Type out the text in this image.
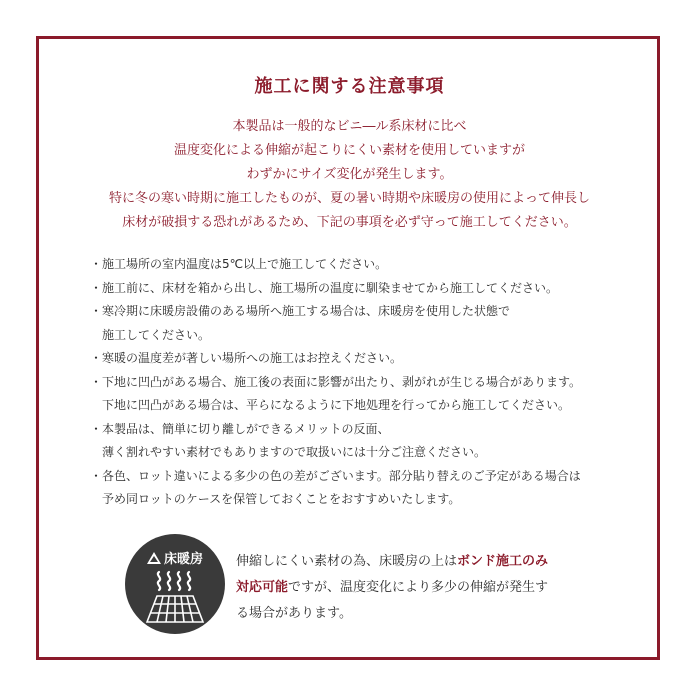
施工に関する注意事項
本製品は一般的なビニ―ル系床材に比べ
温度変化による伸縮が起こりにくい素材を使用していますが
わずかにサイズ変化が発生します。
特に冬の寒い時期に施工したものが、夏の暑い時期や床暖房の使用によって伸長し
床材が破損する恐れがあるため、下記の事項を必ず守って施工してください。
・施工場所の室内温度は5℃以上で施工してください。
・施工前に、床材を箱から出し、施工場所の温度に馴染ませてから施工してください。
・寒冷期に床暖房設備のある場所へ施工する場合は、床暖房を使用した状態で
施工してください。
・寒暖の温度差が著しい場所への施工はお控えください。
・下地に凹凸がある場合、施工後の表面に影響が出たり、剥がれが生じる場合があります。
下地に凹凸がある場合は、平らになるように下地処理を行ってから施工してください。
・本製品は、簡単に切り離しができるメリットの反面、
薄く割れやすい素材でもありますので取扱いには十分ご注意ください。
・各色、ロット違いによる多少の色の差がございます。部分貼り替えのご予定がある場合は
予め同ロットのケースを保管しておくことをおすすめいたします。
床暖房	伸縮しにくい素材の為、床暖房の上はボンド施工のみ
対応可能ですが、温度変化により多少の伸縮が発生す
る場合があります。
